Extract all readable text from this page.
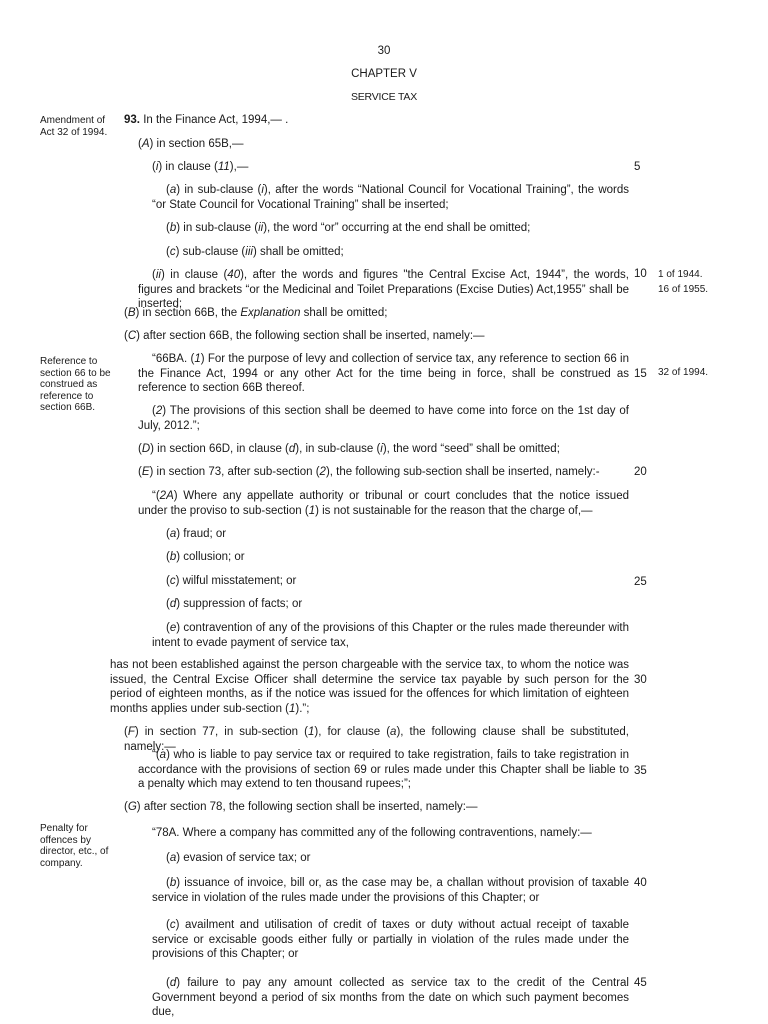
30
CHAPTER V
SERVICE TAX
Amendment of Act 32 of 1994.
Reference to section 66 to be construed as reference to section 66B.
Penalty for offences by director, etc., of company.
1 of 1944.
16 of 1955.
32 of 1994.
5
10
15
20
25
30
35
40
45
93. In the Finance Act, 1994,— .
(A) in section 65B,—
(i) in clause (11),—
(a) in sub-clause (i), after the words “National Council for Vocational Training”, the words “or State Council for Vocational Training” shall be inserted;
(b) in sub-clause (ii), the word “or” occurring at the end shall be omitted;
(c) sub-clause (iii) shall be omitted;
(ii) in clause (40), after the words and figures "the Central Excise Act, 1944”, the words, figures and brackets “or the Medicinal and Toilet Preparations (Excise Duties) Act,1955” shall be inserted;
(B) in section 66B, the Explanation shall be omitted;
(C) after section 66B, the following section shall be inserted, namely:—
“66BA. (1) For the purpose of levy and collection of service tax, any reference to section 66 in the Finance Act, 1994 or any other Act for the time being in force, shall be construed as reference to section 66B thereof.
(2) The provisions of this section shall be deemed to have come into force on the 1st day of July, 2012.”;
(D) in section 66D, in clause (d), in sub-clause (i), the word “seed” shall be omitted;
(E) in section 73, after sub-section (2), the following sub-section shall be inserted, namely:-
“(2A) Where any appellate authority or tribunal or court concludes that the notice issued under the proviso to sub-section (1) is not sustainable for the reason that the charge of,—
(a) fraud; or
(b) collusion; or
(c) wilful misstatement; or
(d) suppression of facts; or
(e) contravention of any of the provisions of this Chapter or the rules made thereunder with intent to evade payment of service tax,
has not been established against the person chargeable with the service tax, to whom the notice was issued, the Central Excise Officer shall determine the service tax payable by such person for the period of eighteen months, as if the notice was issued for the offences for which limitation of eighteen months applies under sub-section (1).”;
(F) in section 77, in sub-section (1), for clause (a), the following clause shall be substituted, namely:—
“(a) who is liable to pay service tax or required to take registration, fails to take registration in accordance with the provisions of section 69 or rules made under this Chapter shall be liable to a penalty which may extend to ten thousand rupees;”;
(G) after section 78, the following section shall be inserted, namely:—
“78A. Where a company has committed any of the following contraventions, namely:—
(a) evasion of service tax; or
(b) issuance of invoice, bill or, as the case may be, a challan without provision of taxable service in violation of the rules made under the provisions of this Chapter; or
(c) availment and utilisation of credit of taxes or duty without actual receipt of taxable service or excisable goods either fully or partially in violation of the rules made under the provisions of this Chapter; or
(d) failure to pay any amount collected as service tax to the credit of the Central Government beyond a period of six months from the date on which such payment becomes due,
